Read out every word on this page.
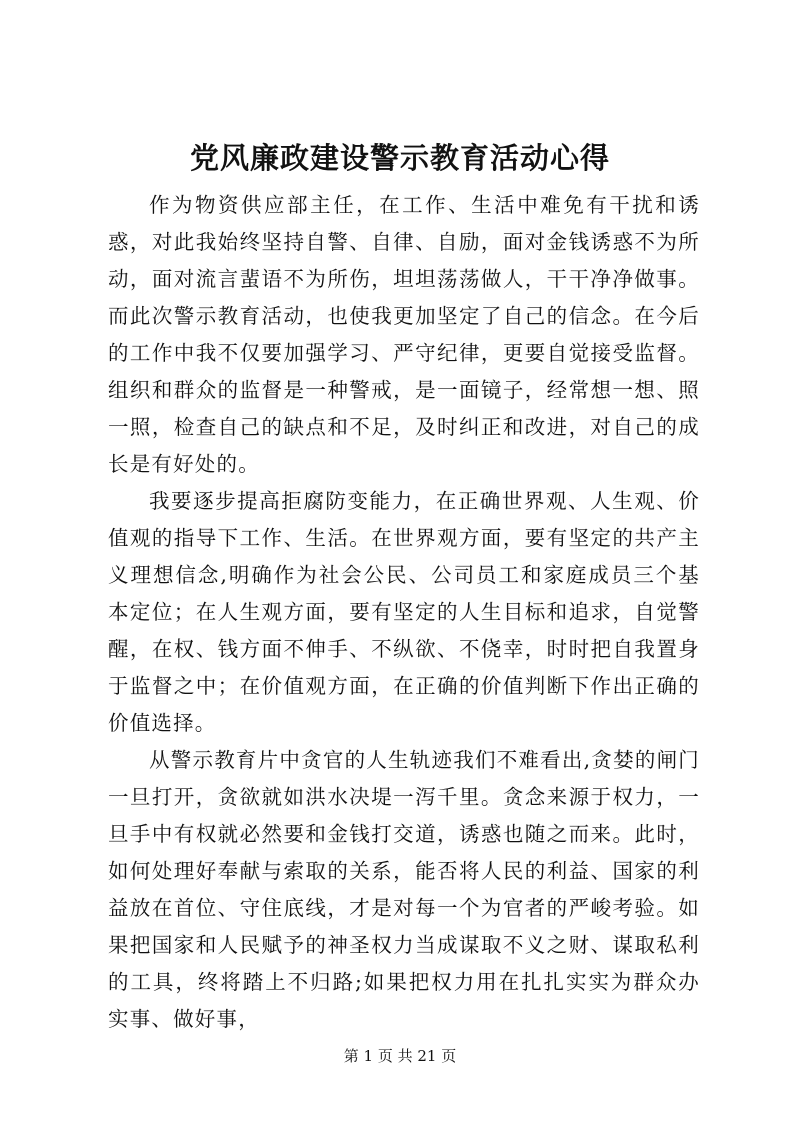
党风廉政建设警示教育活动心得

作为物资供应部主任，在工作、生活中难免有干扰和诱惑，对此我始终坚持自警、自律、自励，面对金钱诱惑不为所动，面对流言蜚语不为所伤，坦坦荡荡做人，干干净净做事。而此次警示教育活动，也使我更加坚定了自己的信念。在今后的工作中我不仅要加强学习、严守纪律，更要自觉接受监督。组织和群众的监督是一种警戒，是一面镜子，经常想一想、照一照，检查自己的缺点和不足，及时纠正和改进，对自己的成长是有好处的。

我要逐步提高拒腐防变能力，在正确世界观、人生观、价值观的指导下工作、生活。在世界观方面，要有坚定的共产主义理想信念,明确作为社会公民、公司员工和家庭成员三个基本定位；在人生观方面，要有坚定的人生目标和追求，自觉警醒，在权、钱方面不伸手、不纵欲、不侥幸，时时把自我置身于监督之中；在价值观方面，在正确的价值判断下作出正确的价值选择。

从警示教育片中贪官的人生轨迹我们不难看出,贪婪的闸门一旦打开，贪欲就如洪水决堤一泻千里。贪念来源于权力，一旦手中有权就必然要和金钱打交道，诱惑也随之而来。此时，如何处理好奉献与索取的关系，能否将人民的利益、国家的利益放在首位、守住底线，才是对每一个为官者的严峻考验。如果把国家和人民赋予的神圣权力当成谋取不义之财、谋取私利的工具，终将踏上不归路;如果把权力用在扎扎实实为群众办实事、做好事，

第 1 页 共 21 页
